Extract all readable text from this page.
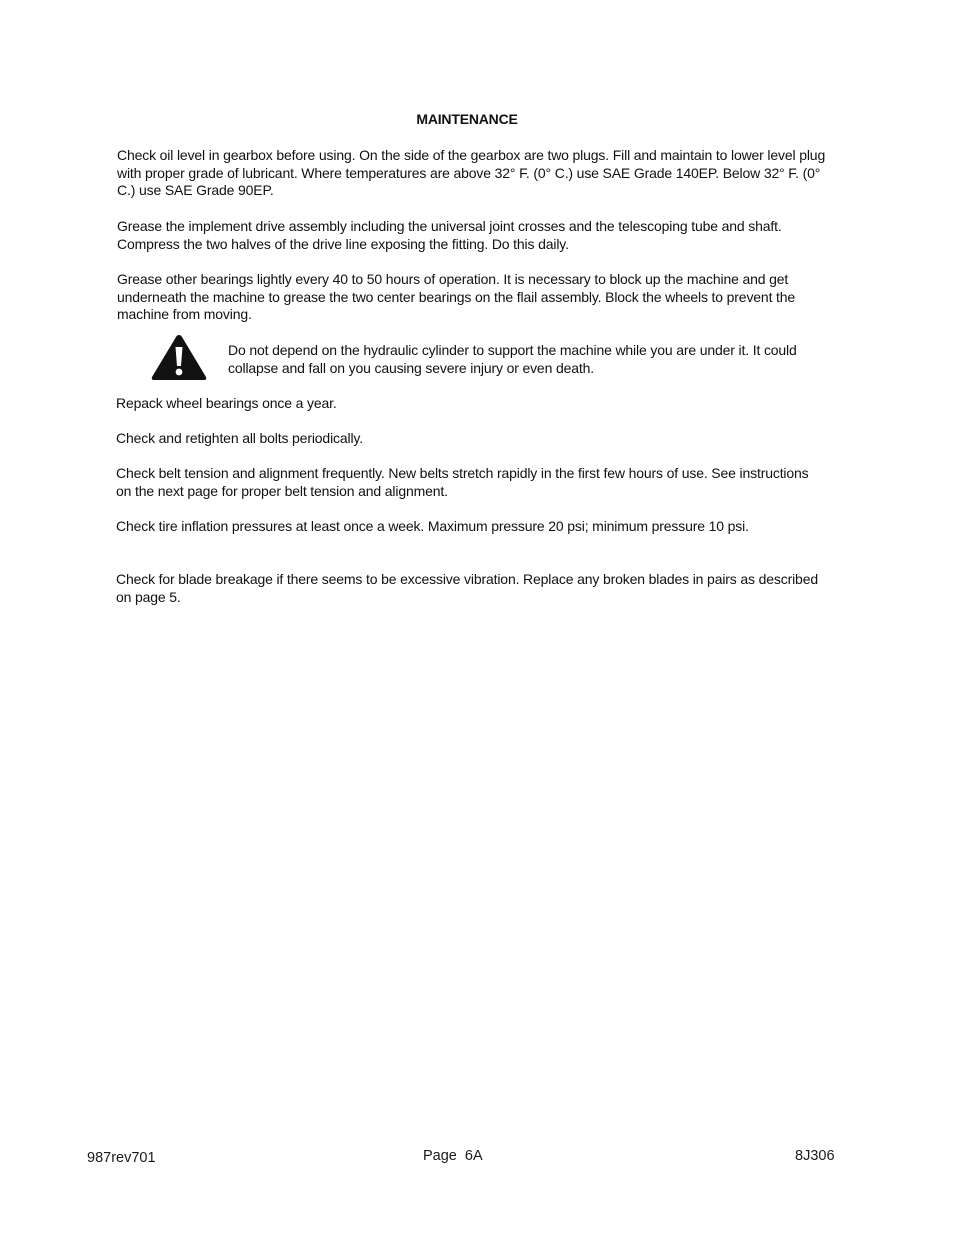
MAINTENANCE
Check oil level in gearbox before using. On the side of the gearbox are two plugs. Fill and maintain to lower level plug with proper grade of lubricant. Where temperatures are above 32° F. (0° C.) use SAE Grade 140EP. Below 32° F. (0° C.) use SAE Grade 90EP.
Grease the implement drive assembly including the universal joint crosses and the telescoping tube and shaft. Compress the two halves of the drive line exposing the fitting. Do this daily.
Grease other bearings lightly every 40 to 50 hours of operation. It is necessary to block up the machine and get underneath the machine to grease the two center bearings on the flail assembly. Block the wheels to prevent the machine from moving.
Do not depend on the hydraulic cylinder to support the machine while you are under it. It could collapse and fall on you causing severe injury or even death.
Repack wheel bearings once a year.
Check and retighten all bolts periodically.
Check belt tension and alignment frequently. New belts stretch rapidly in the first few hours of use. See instructions on the next page for proper belt tension and alignment.
Check tire inflation pressures at least once a week. Maximum pressure 20 psi; minimum pressure 10 psi.
Check for blade breakage if there seems to be excessive vibration. Replace any broken blades in pairs as described on page 5.
987rev701	Page  6A	8J306
